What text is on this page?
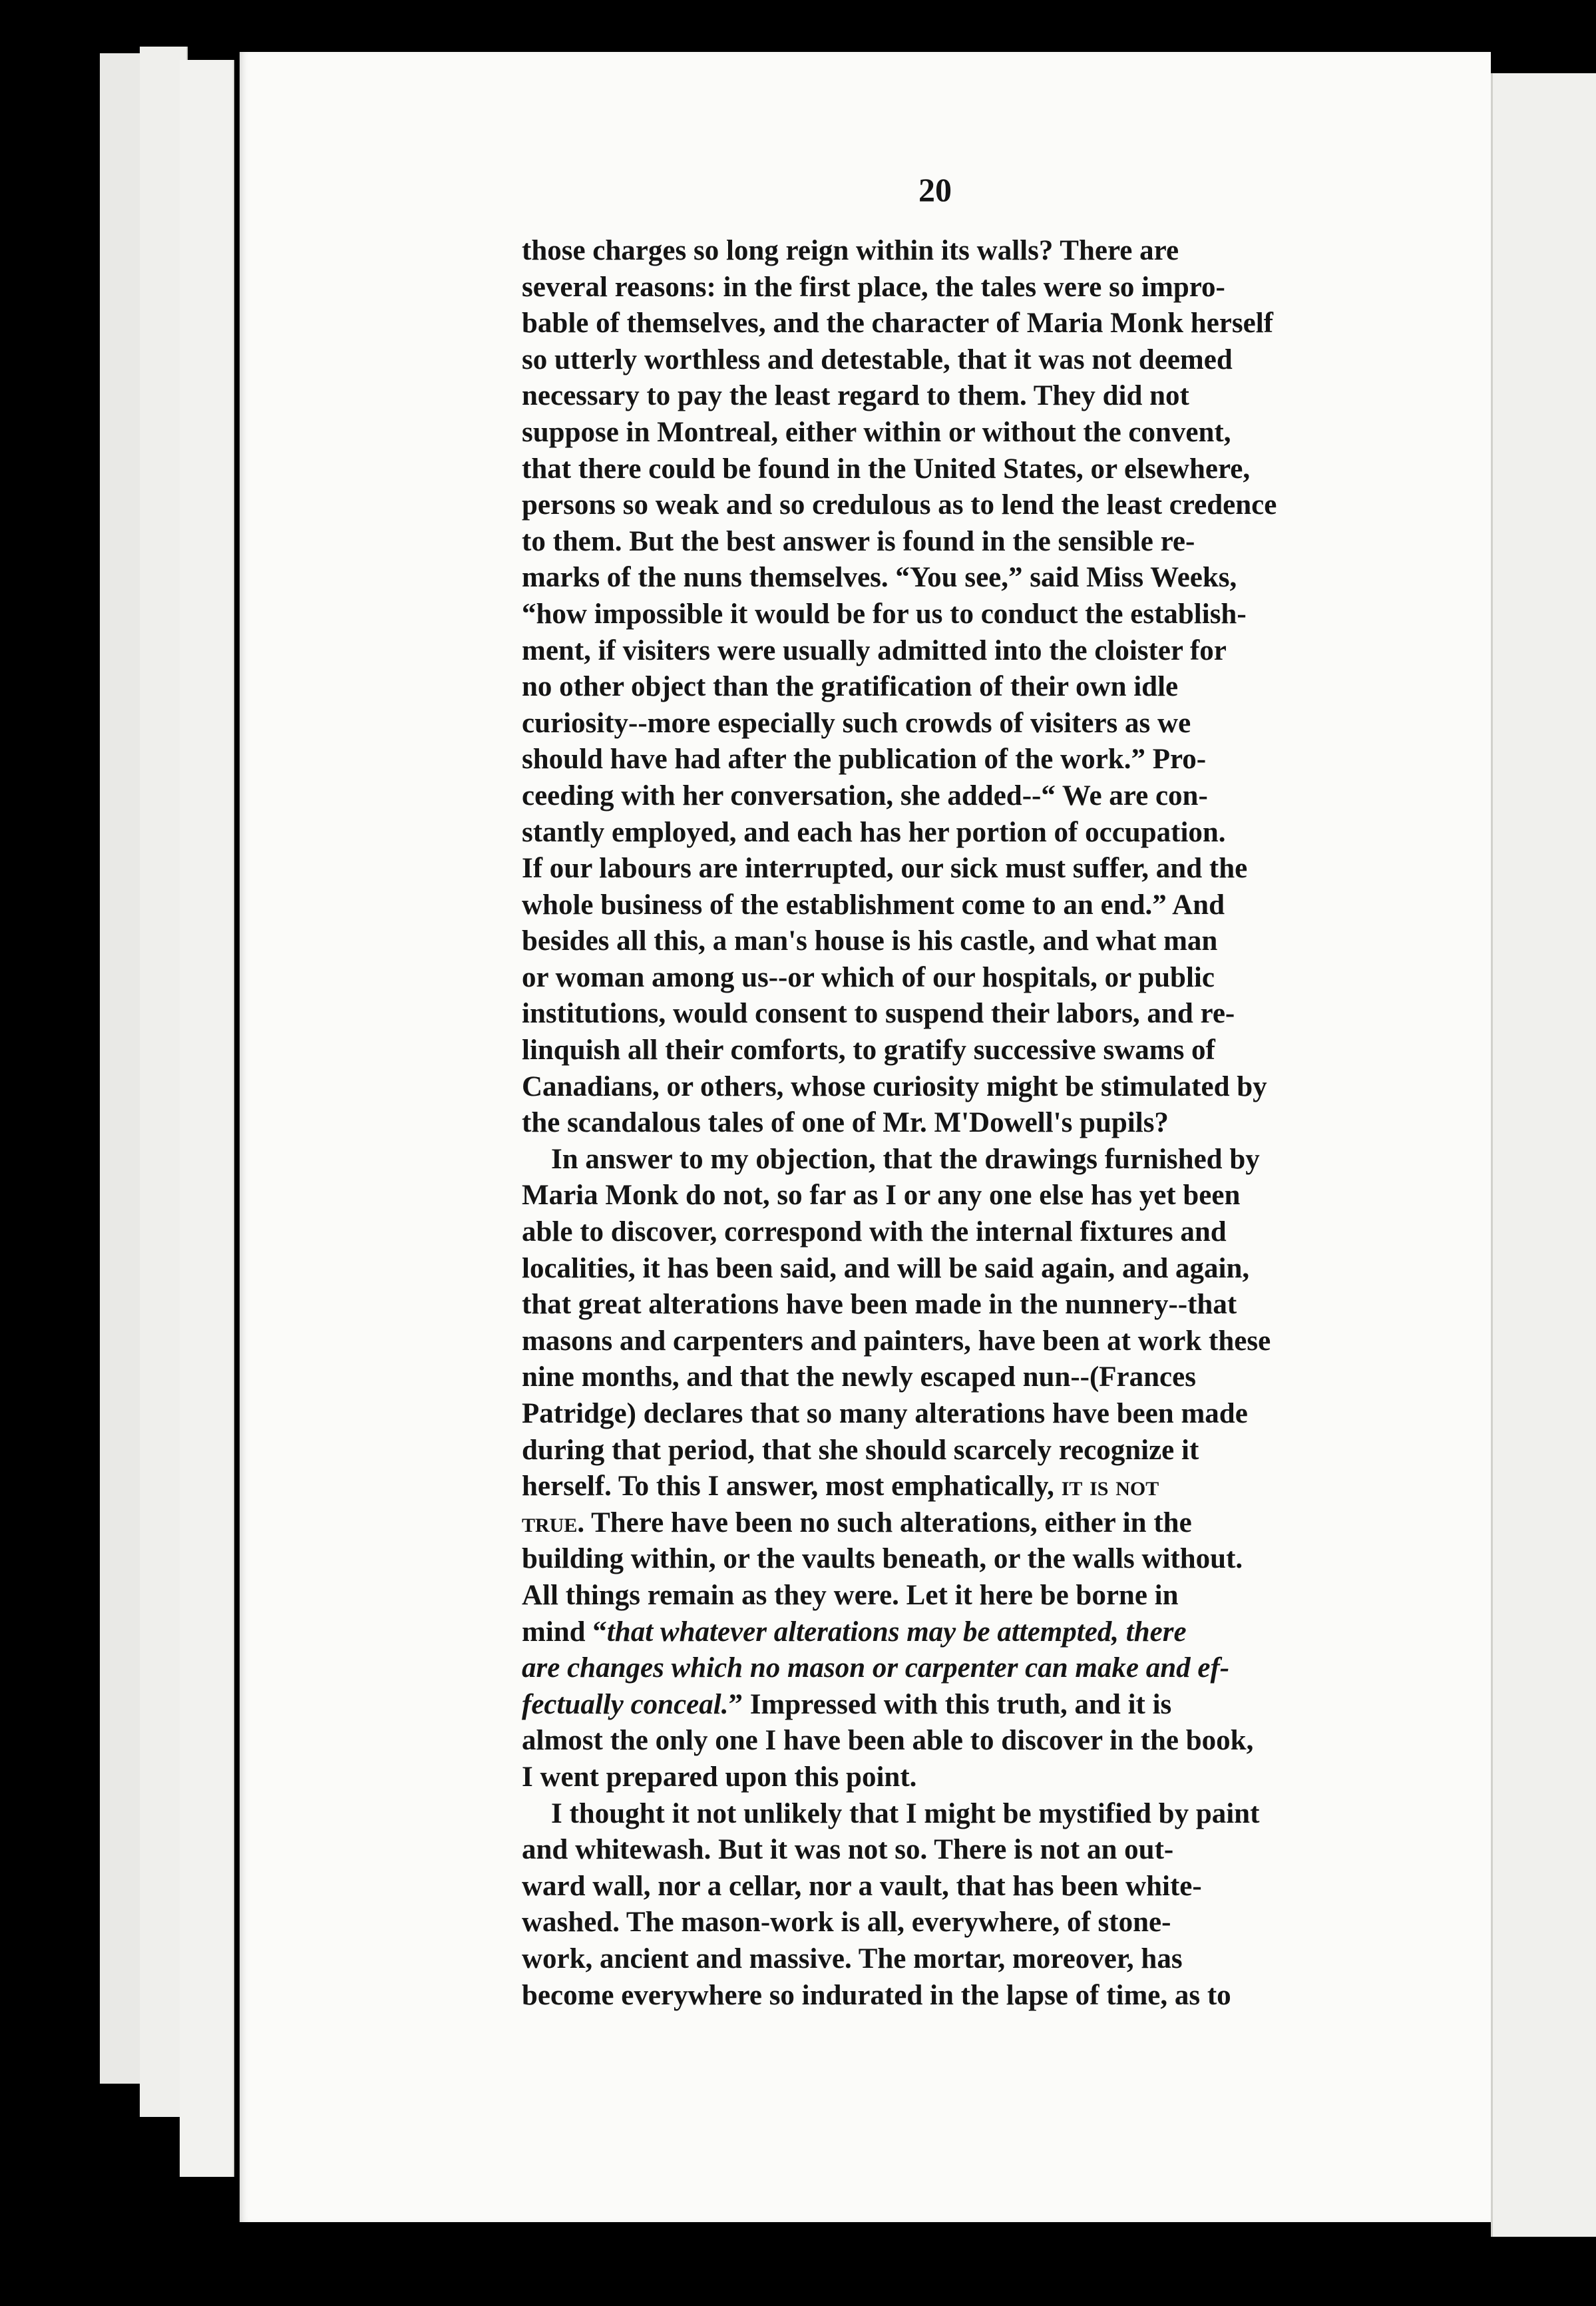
20
those charges so long reign within its walls? There are
several reasons: in the first place, the tales were so impro-
bable of themselves, and the character of Maria Monk herself
so utterly worthless and detestable, that it was not deemed
necessary to pay the least regard to them. They did not
suppose in Montreal, either within or without the convent,
that there could be found in the United States, or elsewhere,
persons so weak and so credulous as to lend the least credence
to them. But the best answer is found in the sensible re-
marks of the nuns themselves. “You see,” said Miss Weeks,
“how impossible it would be for us to conduct the establish-
ment, if visiters were usually admitted into the cloister for
no other object than the gratification of their own idle
curiosity--more especially such crowds of visiters as we
should have had after the publication of the work.” Pro-
ceeding with her conversation, she added--“ We are con-
stantly employed, and each has her portion of occupation.
If our labours are interrupted, our sick must suffer, and the
whole business of the establishment come to an end.” And
besides all this, a man's house is his castle, and what man
or woman among us--or which of our hospitals, or public
institutions, would consent to suspend their labors, and re-
linquish all their comforts, to gratify successive swams of
Canadians, or others, whose curiosity might be stimulated by
the scandalous tales of one of Mr. M'Dowell's pupils?
In answer to my objection, that the drawings furnished by
Maria Monk do not, so far as I or any one else has yet been
able to discover, correspond with the internal fixtures and
localities, it has been said, and will be said again, and again,
that great alterations have been made in the nunnery--that
masons and carpenters and painters, have been at work these
nine months, and that the newly escaped nun--(Frances
Patridge) declares that so many alterations have been made
during that period, that she should scarcely recognize it
herself. To this I answer, most emphatically, it is not
true. There have been no such alterations, either in the
building within, or the vaults beneath, or the walls without.
All things remain as they were. Let it here be borne in
mind “that whatever alterations may be attempted, there
are changes which no mason or carpenter can make and ef-
fectually conceal.” Impressed with this truth, and it is
almost the only one I have been able to discover in the book,
I went prepared upon this point.
I thought it not unlikely that I might be mystified by paint
and whitewash. But it was not so. There is not an out-
ward wall, nor a cellar, nor a vault, that has been white-
washed. The mason-work is all, everywhere, of stone-
work, ancient and massive. The mortar, moreover, has
become everywhere so indurated in the lapse of time, as to
